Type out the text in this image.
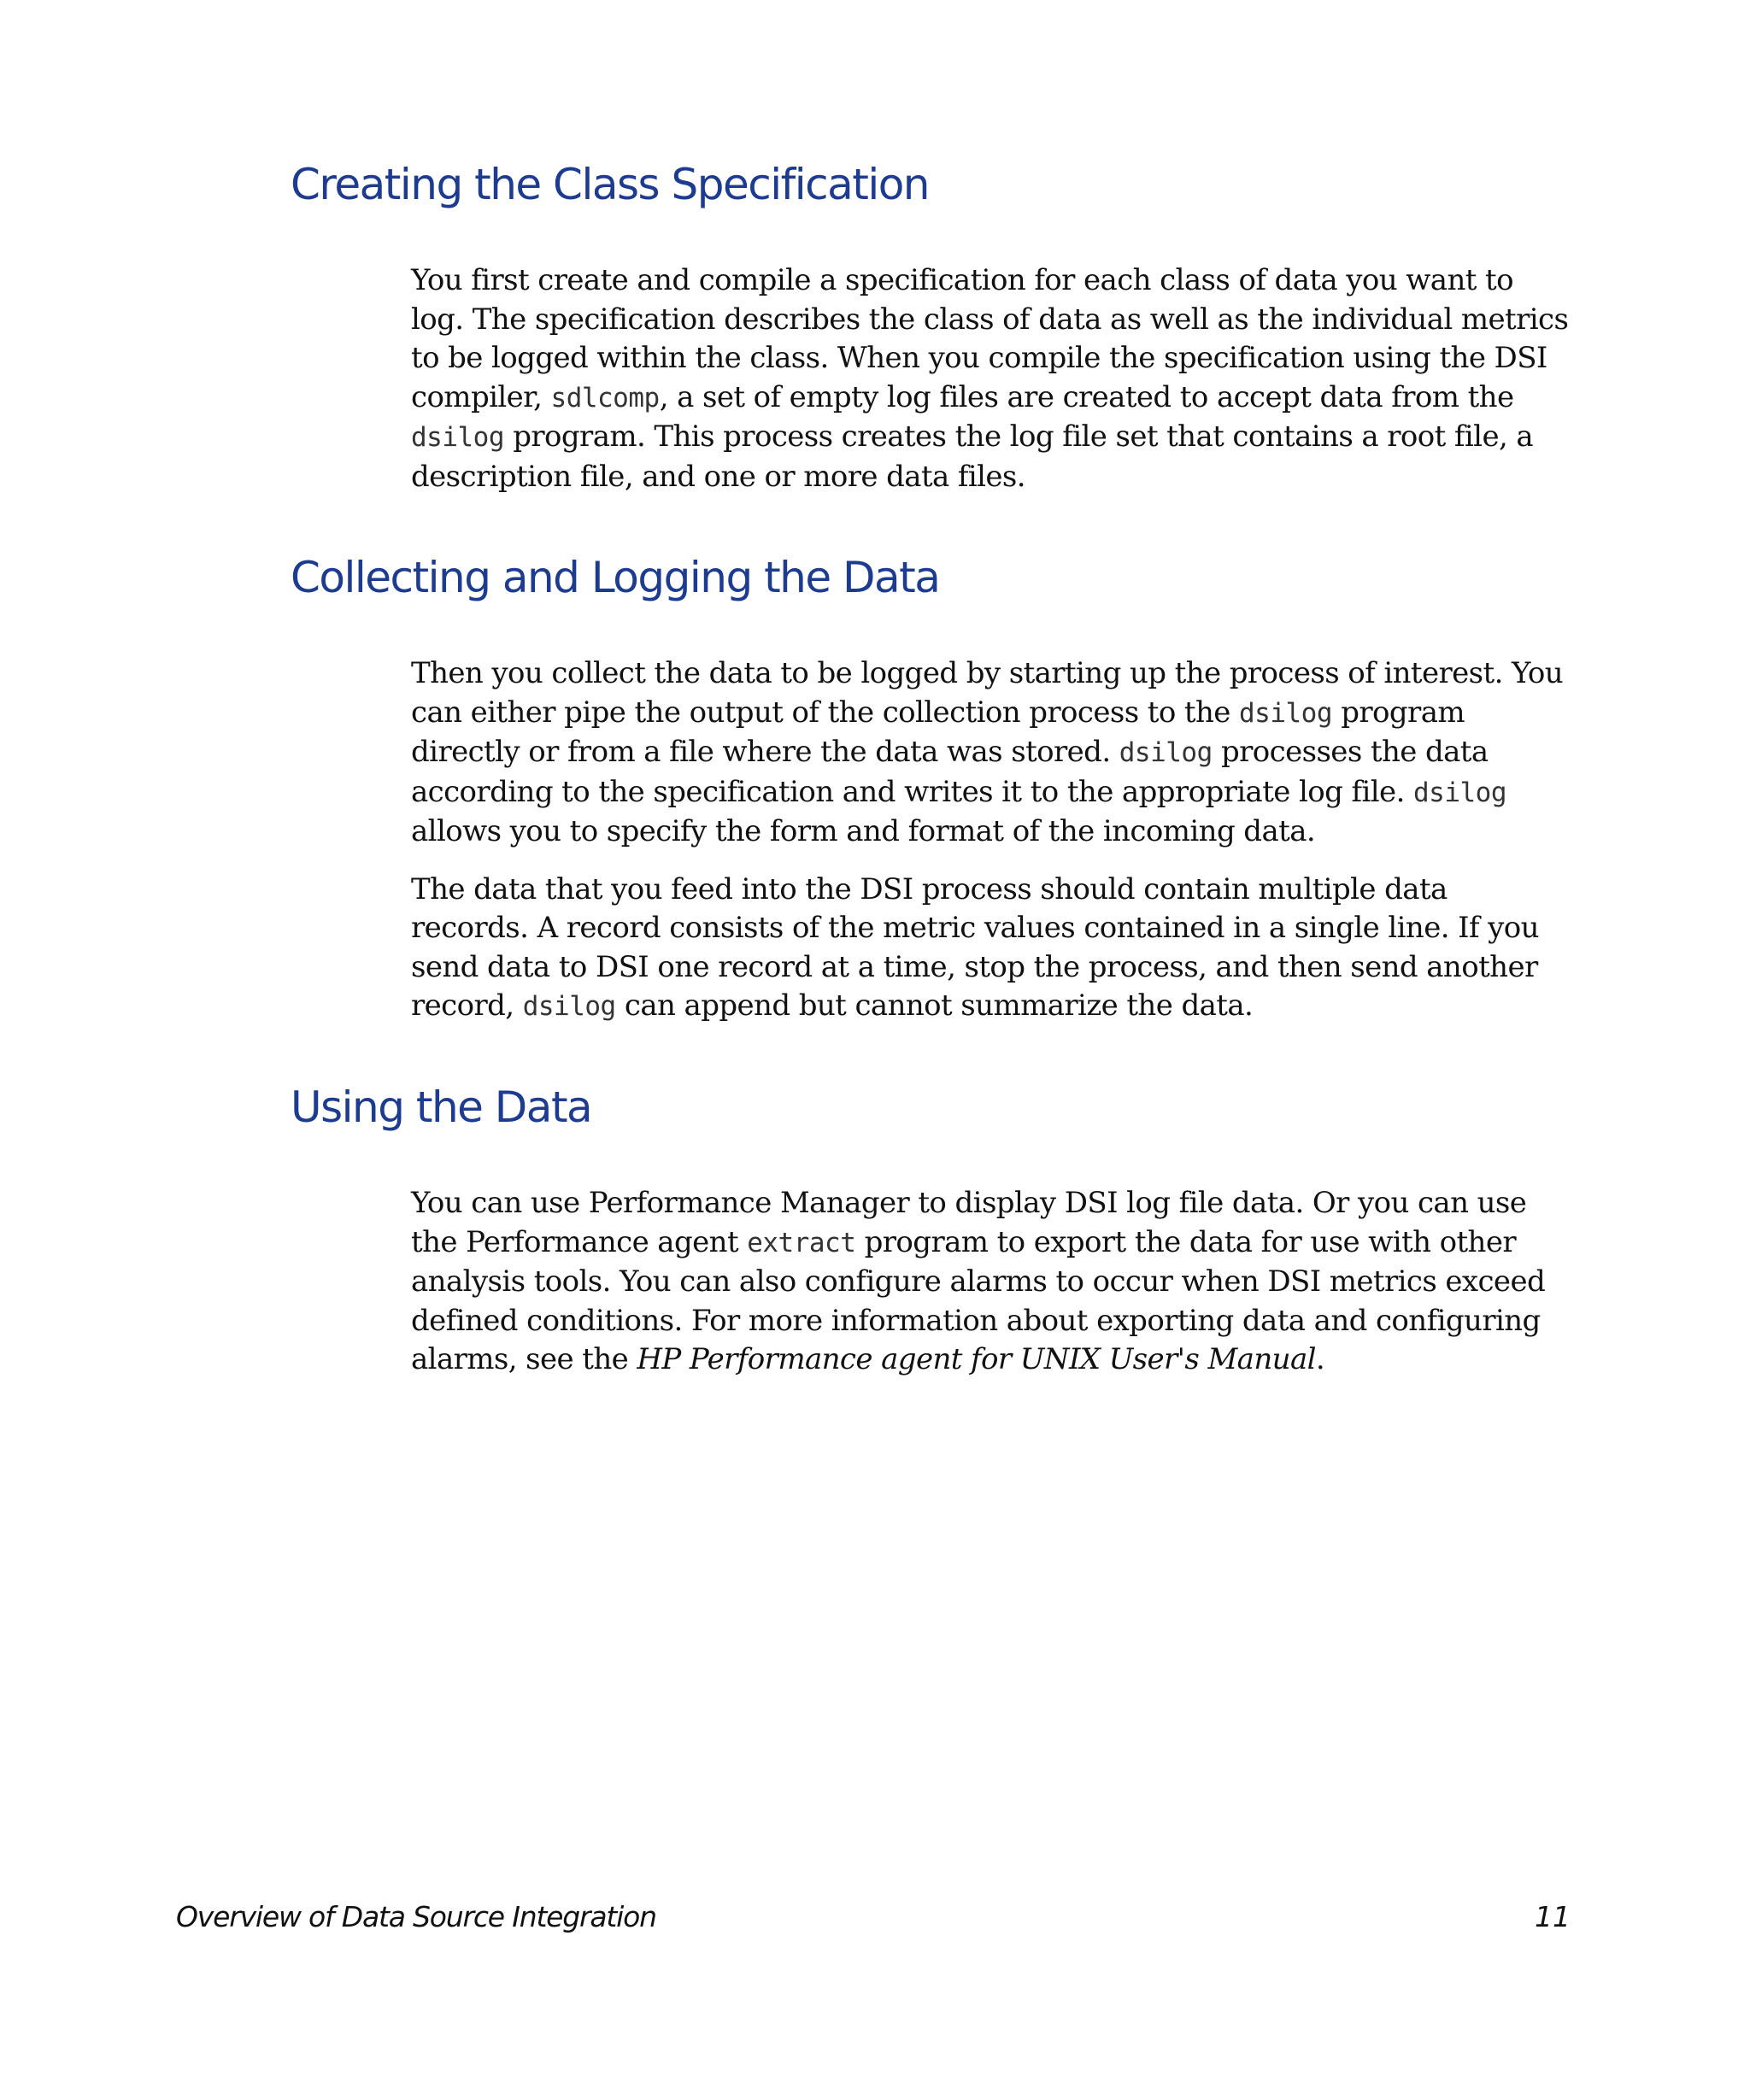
Creating the Class Specification

You first create and compile a specification for each class of data you want to log. The specification describes the class of data as well as the individual metrics to be logged within the class. When you compile the specification using the DSI compiler, sdlcomp, a set of empty log files are created to accept data from the dsilog program. This process creates the log file set that contains a root file, a description file, and one or more data files.

Collecting and Logging the Data

Then you collect the data to be logged by starting up the process of interest. You can either pipe the output of the collection process to the dsilog program directly or from a file where the data was stored. dsilog processes the data according to the specification and writes it to the appropriate log file. dsilog allows you to specify the form and format of the incoming data.

The data that you feed into the DSI process should contain multiple data records. A record consists of the metric values contained in a single line. If you send data to DSI one record at a time, stop the process, and then send another record, dsilog can append but cannot summarize the data.

Using the Data

You can use Performance Manager to display DSI log file data. Or you can use the Performance agent extract program to export the data for use with other analysis tools. You can also configure alarms to occur when DSI metrics exceed defined conditions. For more information about exporting data and configuring alarms, see the HP Performance agent for UNIX User's Manual.

Overview of Data Source Integration	11
